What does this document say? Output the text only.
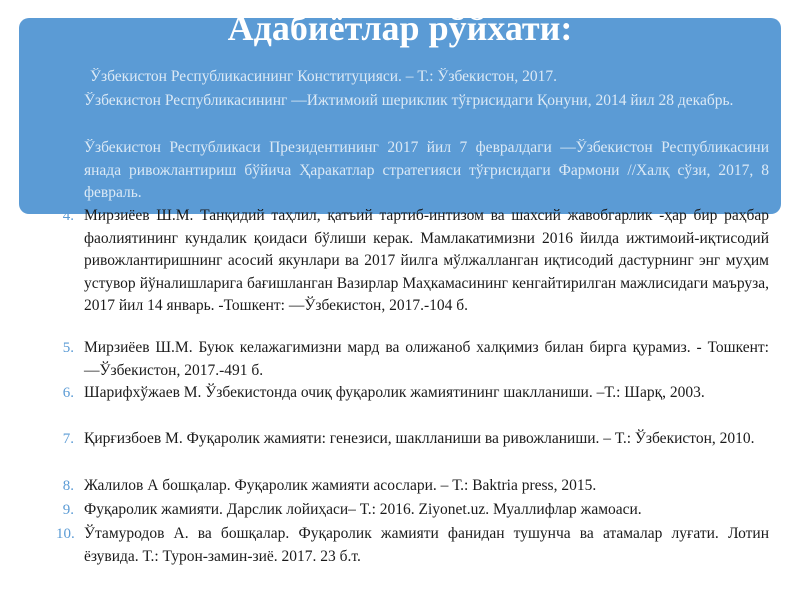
Адабиётлар рўйхати:
Ўзбекистон Республикасининг Конституцияси. – Т.: Ўзбекистон, 2017.
Ўзбекистон Республикасининг ―Ижтимоий шериклик тўғрисидаги Қонуни, 2014 йил 28 декабрь.
Ўзбекистон Республикаси Президентининг 2017 йил 7 февралдаги ―Ўзбекистон Республикасини янада ривожлантириш бўйича Ҳаракатлар стратегияси тўғрисидаги Фармони //Халқ сўзи, 2017, 8 февраль.
4. Мирзиёев Ш.М. Танқидий таҳлил, қатъий тартиб-интизом ва шахсий жавобгарлик -ҳар бир раҳбар фаолиятининг кундалик қоидаси бўлиши керак. Мамлакатимизни 2016 йилда ижтимоий-иқтисодий ривожлантиришнинг асосий якунлари ва 2017 йилга мўлжалланган иқтисодий дастурнинг энг муҳим устувор йўналишларига бағишланган Вазирлар Маҳкамасининг кенгайтирилган мажлисидаги маъруза, 2017 йил 14 январь. -Тошкент: ―Ўзбекистон, 2017.-104 б.
5. Мирзиёев Ш.М. Буюк келажагимизни мард ва олижаноб халқимиз билан бирга қурамиз. - Тошкент: ―Ўзбекистон, 2017.-491 б.
6. Шарифхўжаев М. Ўзбекистонда очиқ фуқаролик жамиятининг шаклланиши. –Т.: Шарқ, 2003.
7. Қирғизбоев М. Фуқаролик жамияти: генезиси, шаклланиши ва ривожланиши. – Т.: Ўзбекистон, 2010.
8. Жалилов А бошқалар. Фуқаролик жамияти асослари. – Т.: Baktria press, 2015.
9. Фуқаролик жамияти. Дарслик лойиҳаси– Т.: 2016. Ziyonet.uz. Муаллифлар жамоаси.
10. Ўтамуродов А. ва бошқалар. Фуқаролик жамияти фанидан тушунча ва атамалар луғати. Лотин ёзувида. Т.: Турон-замин-зиё. 2017. 23 б.т.
